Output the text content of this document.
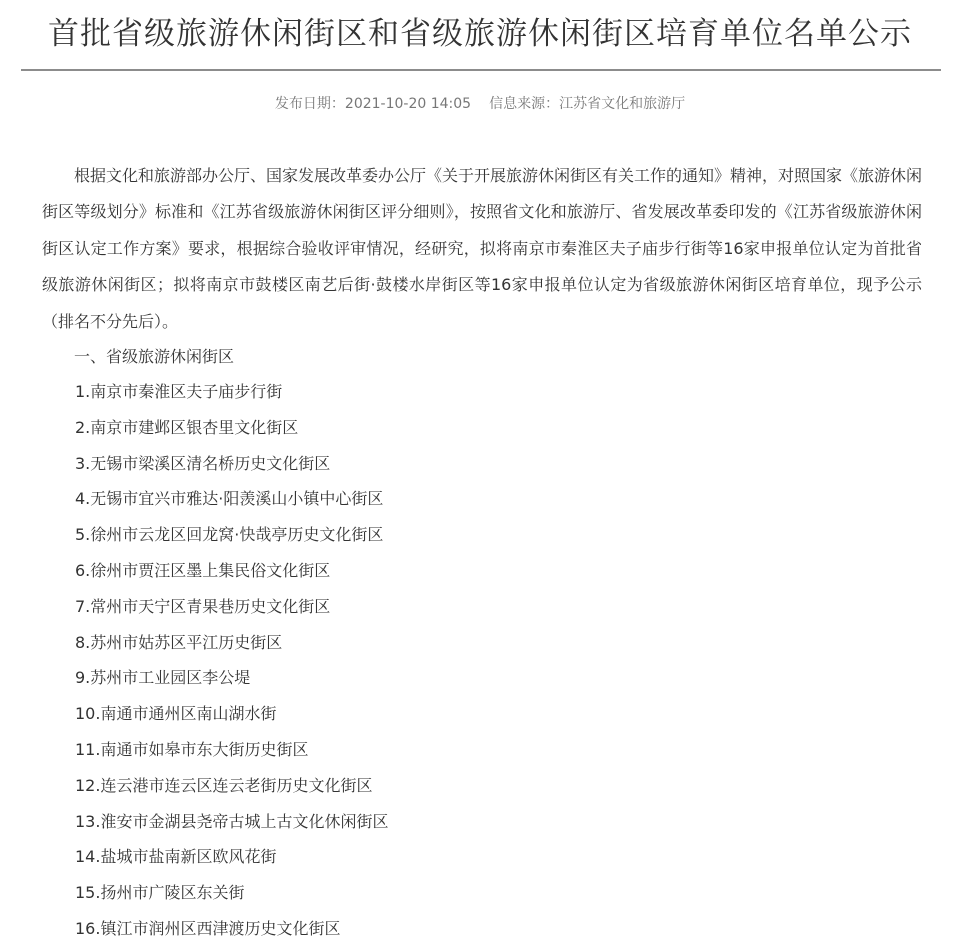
首批省级旅游休闲街区和省级旅游休闲街区培育单位名单公示
发布日期：2021-10-20 14:05 信息来源：江苏省文化和旅游厅

根据文化和旅游部办公厅、国家发展改革委办公厅《关于开展旅游休闲街区有关工作的通知》精神，对照国家《旅游休闲街区等级划分》标准和《江苏省级旅游休闲街区评分细则》，按照省文化和旅游厅、省发展改革委印发的《江苏省级旅游休闲街区认定工作方案》要求，根据综合验收评审情况，经研究，拟将南京市秦淮区夫子庙步行街等16家申报单位认定为首批省级旅游休闲街区；拟将南京市鼓楼区南艺后街·鼓楼水岸街区等16家申报单位认定为省级旅游休闲街区培育单位，现予公示（排名不分先后）。

一、省级旅游休闲街区

1.南京市秦淮区夫子庙步行街
2.南京市建邺区银杏里文化街区
3.无锡市梁溪区清名桥历史文化街区
4.无锡市宜兴市雅达·阳羡溪山小镇中心街区
5.徐州市云龙区回龙窝·快哉亭历史文化街区
6.徐州市贾汪区墨上集民俗文化街区
7.常州市天宁区青果巷历史文化街区
8.苏州市姑苏区平江历史街区
9.苏州市工业园区李公堤
10.南通市通州区南山湖水街
11.南通市如皋市东大街历史街区
12.连云港市连云区连云老街历史文化街区
13.淮安市金湖县尧帝古城上古文化休闲街区
14.盐城市盐南新区欧风花街
15.扬州市广陵区东关街
16.镇江市润州区西津渡历史文化街区
